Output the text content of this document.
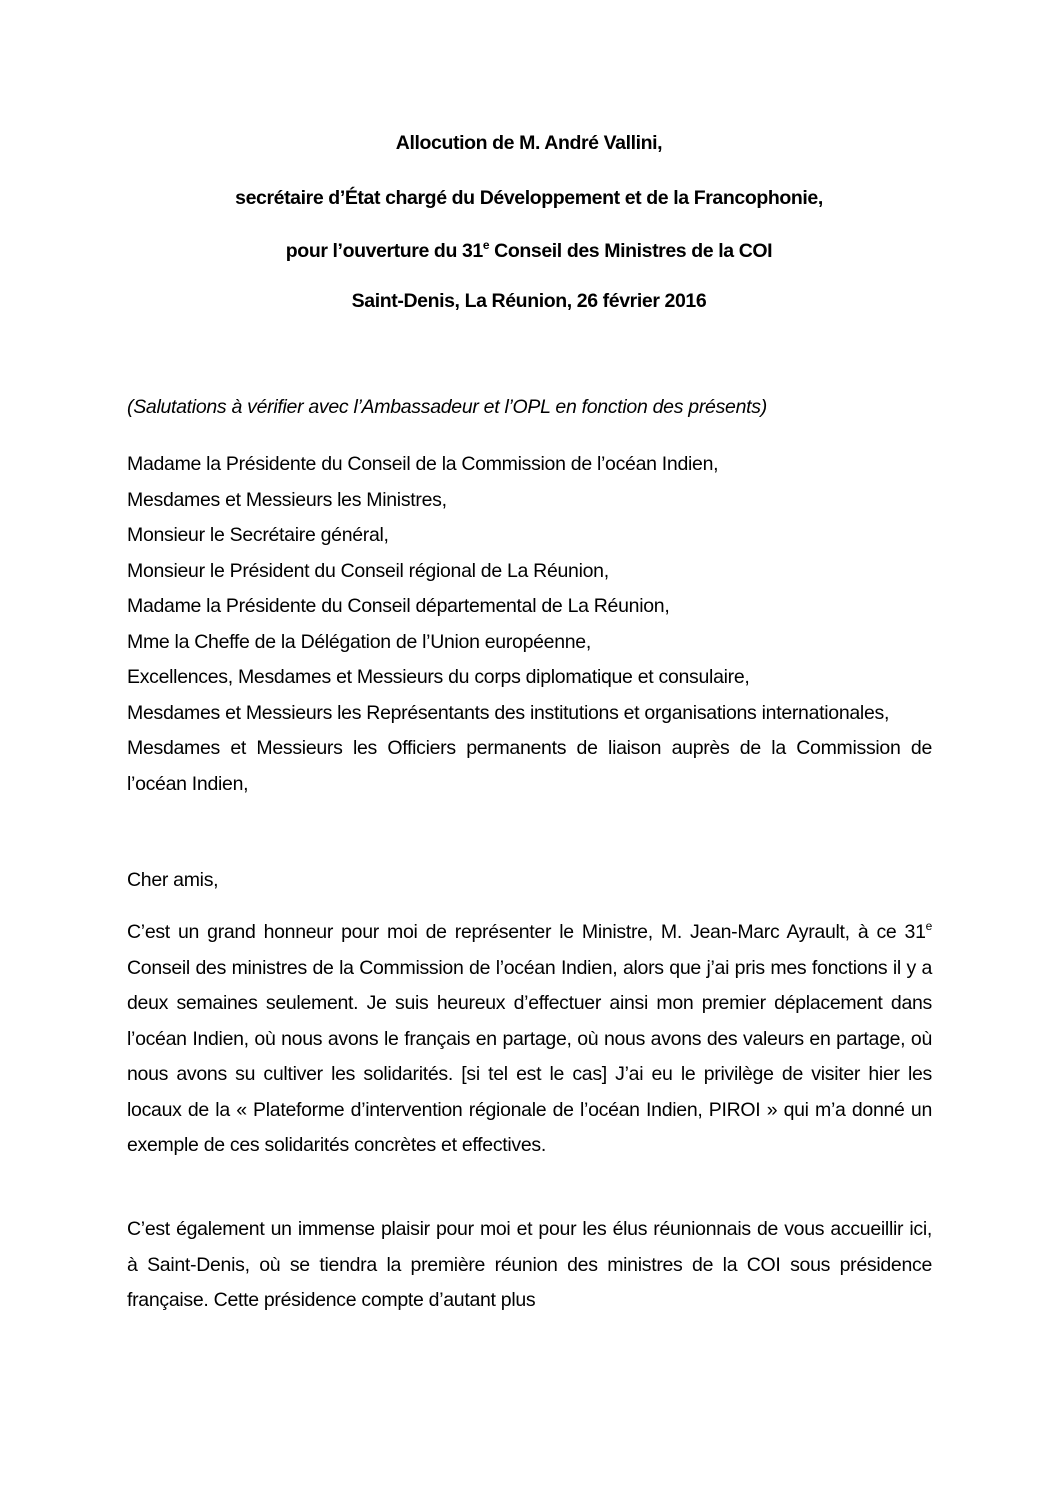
Allocution de M. André Vallini,
secrétaire d’État chargé du Développement et de la Francophonie,
pour l’ouverture du 31e Conseil des Ministres de la COI
Saint-Denis, La Réunion, 26 février 2016
(Salutations à vérifier avec l’Ambassadeur et l’OPL en fonction des présents)
Madame la Présidente du Conseil de la Commission de l’océan Indien,
Mesdames et Messieurs les Ministres,
Monsieur le Secrétaire général,
Monsieur le Président du Conseil régional de La Réunion,
Madame la Présidente du Conseil départemental de La Réunion,
Mme la Cheffe de la Délégation de l’Union européenne,
Excellences, Mesdames et Messieurs du corps diplomatique et consulaire,
Mesdames et Messieurs les Représentants des institutions et organisations internationales,
Mesdames et Messieurs les Officiers permanents de liaison auprès de la Commission de l’océan Indien,
Cher amis,
C’est un grand honneur pour moi de représenter le Ministre, M. Jean-Marc Ayrault, à ce 31e Conseil des ministres de la Commission de l’océan Indien, alors que j’ai pris mes fonctions il y a deux semaines seulement. Je suis heureux d’effectuer ainsi mon premier déplacement dans l’océan Indien, où nous avons le français en partage, où nous avons des valeurs en partage, où nous avons su cultiver les solidarités. [si tel est le cas] J’ai eu le privilège de visiter hier les locaux de la « Plateforme d’intervention régionale de l’océan Indien, PIROI » qui m’a donné un exemple de ces solidarités concrètes et effectives.
C’est également un immense plaisir pour moi et pour les élus réunionnais de vous accueillir ici, à Saint-Denis, où se tiendra la première réunion des ministres de la COI sous présidence française. Cette présidence compte d’autant plus
